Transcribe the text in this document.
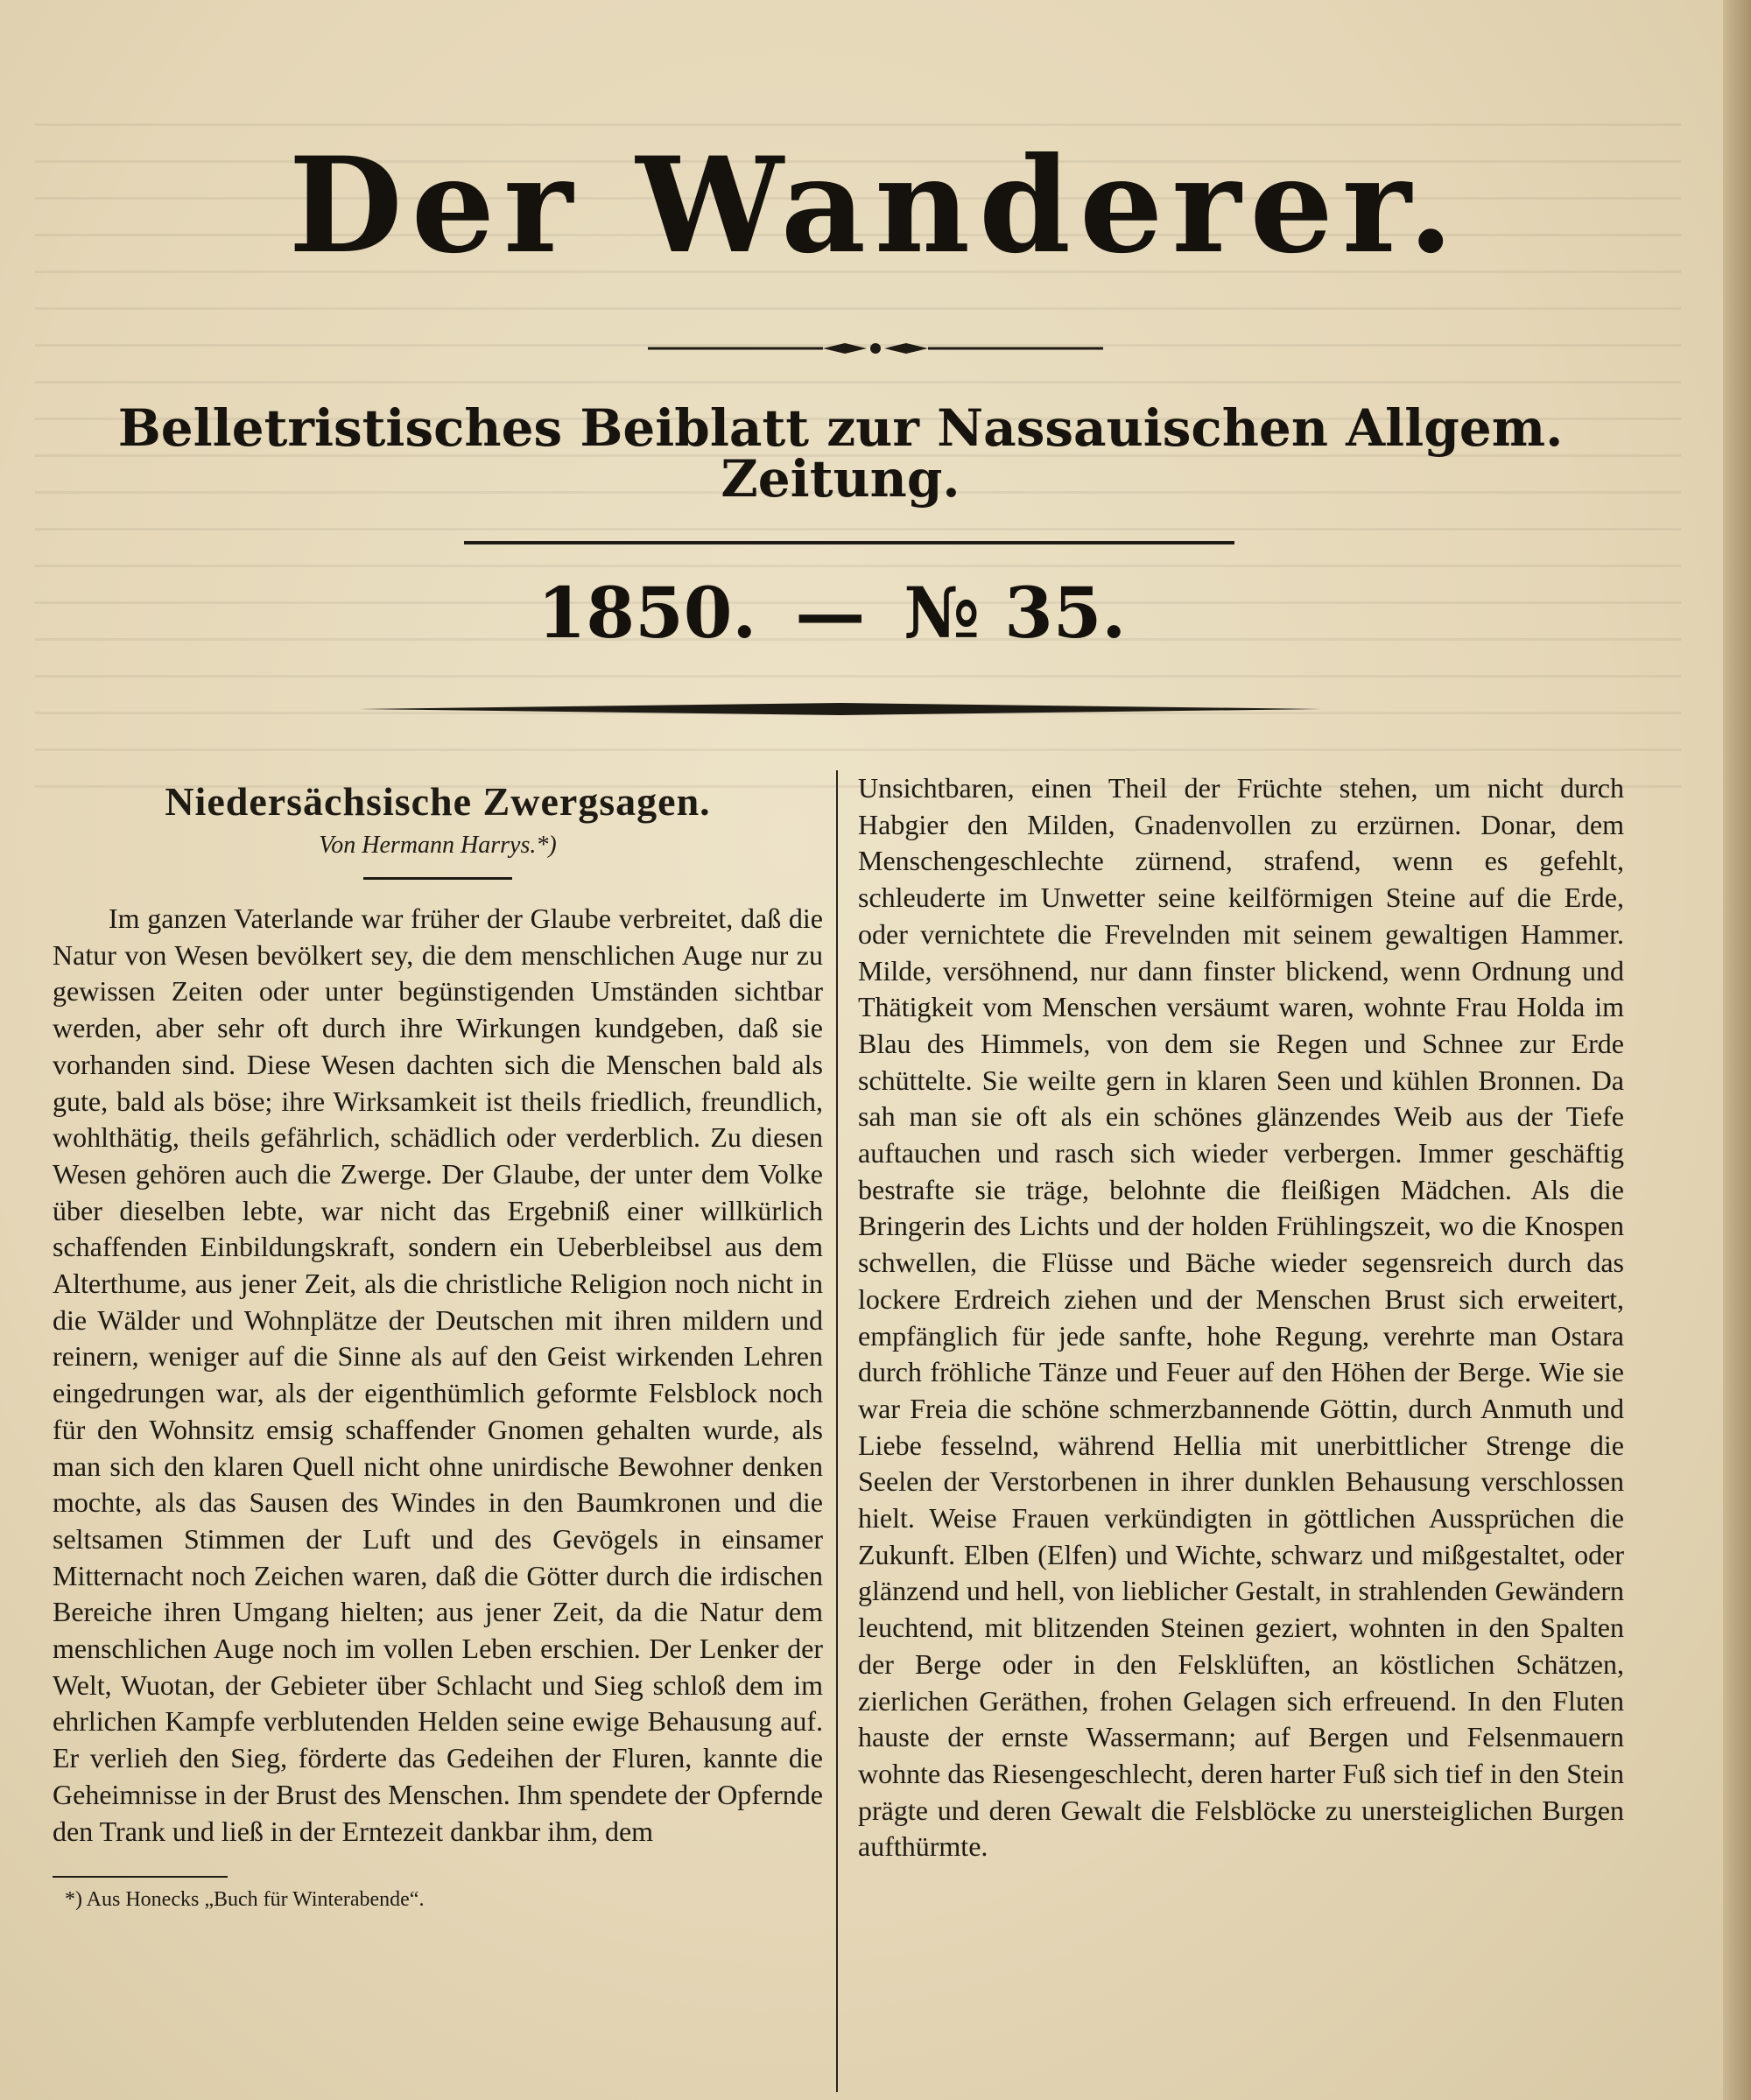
Der Wanderer.
Belletristisches Beiblatt zur Nassauischen Allgem. Zeitung.
1850. — № 35.
Niedersächsische Zwergsagen.
Von Hermann Harrys.*)

Im ganzen Vaterlande war früher der Glaube verbreitet, daß die Natur von Wesen bevölkert sey, die dem menschlichen Auge nur zu gewissen Zeiten oder unter begünstigenden Umständen sichtbar werden, aber sehr oft durch ihre Wirkungen kundgeben, daß sie vorhanden sind. Diese Wesen dachten sich die Menschen bald als gute, bald als böse; ihre Wirksamkeit ist theils friedlich, freundlich, wohlthätig, theils gefährlich, schädlich oder verderblich. Zu diesen Wesen gehören auch die Zwerge. Der Glaube, der unter dem Volke über dieselben lebte, war nicht das Ergebniß einer willkürlich schaffenden Einbildungskraft, sondern ein Ueberbleibsel aus dem Alterthume, aus jener Zeit, als die christliche Religion noch nicht in die Wälder und Wohnplätze der Deutschen mit ihren mildern und reinern, weniger auf die Sinne als auf den Geist wirkenden Lehren eingedrungen war, als der eigenthümlich geformte Felsblock noch für den Wohnsitz emsig schaffender Gnomen gehalten wurde, als man sich den klaren Quell nicht ohne unirdische Bewohner denken mochte, als das Sausen des Windes in den Baumkronen und die seltsamen Stimmen der Luft und des Gevögels in einsamer Mitternacht noch Zeichen waren, daß die Götter durch die irdischen Bereiche ihren Umgang hielten; aus jener Zeit, da die Natur dem menschlichen Auge noch im vollen Leben erschien. Der Lenker der Welt, Wuotan, der Gebieter über Schlacht und Sieg schloß dem im ehrlichen Kampfe verblutenden Helden seine ewige Behausung auf. Er verlieh den Sieg, förderte das Gedeihen der Fluren, kannte die Geheimnisse in der Brust des Menschen. Ihm spendete der Opfernde den Trank und ließ in der Erntezeit dankbar ihm, dem

*) Aus Honecks „Buch für Winterabende“.

Unsichtbaren, einen Theil der Früchte stehen, um nicht durch Habgier den Milden, Gnadenvollen zu erzürnen. Donar, dem Menschengeschlechte zürnend, strafend, wenn es gefehlt, schleuderte im Unwetter seine keilförmigen Steine auf die Erde, oder vernichtete die Frevelnden mit seinem gewaltigen Hammer. Milde, versöhnend, nur dann finster blickend, wenn Ordnung und Thätigkeit vom Menschen versäumt waren, wohnte Frau Holda im Blau des Himmels, von dem sie Regen und Schnee zur Erde schüttelte. Sie weilte gern in klaren Seen und kühlen Bronnen. Da sah man sie oft als ein schönes glänzendes Weib aus der Tiefe auftauchen und rasch sich wieder verbergen. Immer geschäftig bestrafte sie träge, belohnte die fleißigen Mädchen. Als die Bringerin des Lichts und der holden Frühlingszeit, wo die Knospen schwellen, die Flüsse und Bäche wieder segensreich durch das lockere Erdreich ziehen und der Menschen Brust sich erweitert, empfänglich für jede sanfte, hohe Regung, verehrte man Ostara durch fröhliche Tänze und Feuer auf den Höhen der Berge. Wie sie war Freia die schöne schmerzbannende Göttin, durch Anmuth und Liebe fesselnd, während Hellia mit unerbittlicher Strenge die Seelen der Verstorbenen in ihrer dunklen Behausung verschlossen hielt. Weise Frauen verkündigten in göttlichen Aussprüchen die Zukunft. Elben (Elfen) und Wichte, schwarz und mißgestaltet, oder glänzend und hell, von lieblicher Gestalt, in strahlenden Gewändern leuchtend, mit blitzenden Steinen geziert, wohnten in den Spalten der Berge oder in den Felsklüften, an köstlichen Schätzen, zierlichen Geräthen, frohen Gelagen sich erfreuend. In den Fluten hauste der ernste Wassermann; auf Bergen und Felsenmauern wohnte das Riesengeschlecht, deren harter Fuß sich tief in den Stein prägte und deren Gewalt die Felsblöcke zu unersteiglichen Burgen aufthürmte.
